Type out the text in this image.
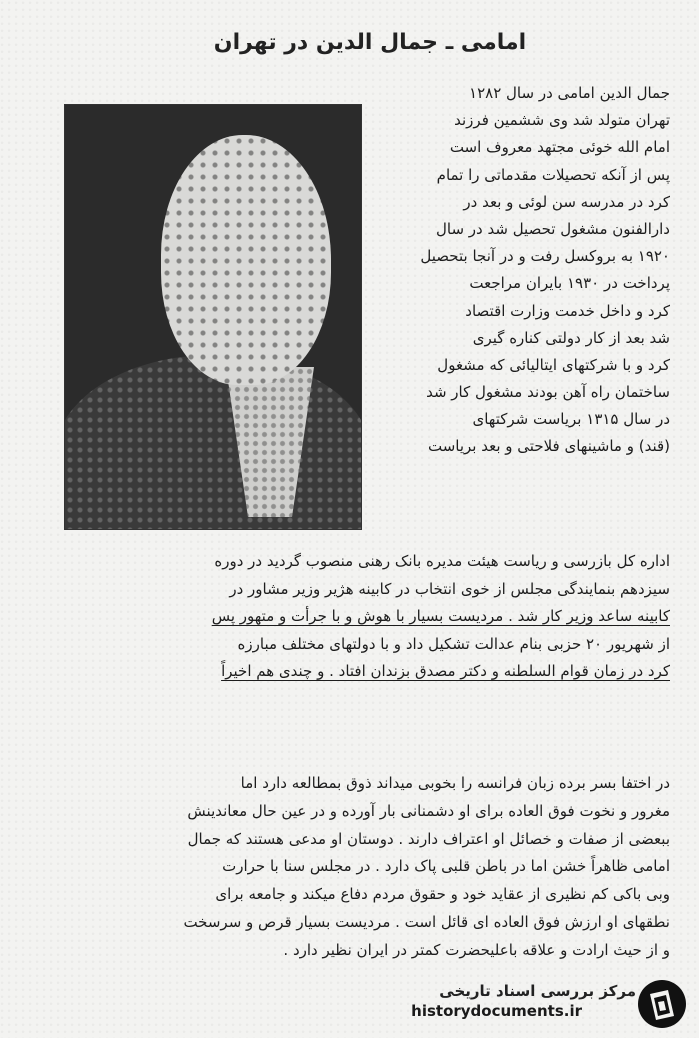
امامی ـ جمال الدین در تهران
جمال الدین امامی در سال ۱۲۸۲
تهران متولد شد وی ششمین فرزند
امام الله خوئی مجتهد معروف است
پس از آنکه تحصیلات مقدماتی را تمام
کرد در مدرسه سن لوئی و بعد در
دارالفنون مشغول تحصیل شد در سال
۱۹۲۰ به بروکسل رفت و در آنجا بتحصیل
پرداخت در ۱۹۳۰ بایران مراجعت
کرد و داخل خدمت وزارت اقتصاد
شد بعد از کار دولتی کناره گیری
کرد و با شرکتهای ایتالیائی که مشغول
ساختمان راه آهن بودند مشغول کار شد
در سال ۱۳۱۵ بریاست شرکتهای
(قند) و ماشینهای فلاحتی و بعد بریاست
اداره کل بازرسی و ریاست هیئت مدیره بانک رهنی منصوب گردید در دوره
سیزدهم بنمایندگی مجلس از خوی انتخاب در کابینه هژیر وزیر مشاور در
کابینه ساعد وزیر کار شد . مردیست بسیار با هوش و با جرأت و متهور پس
از شهریور ۲۰ حزبی بنام عدالت تشکیل داد و با دولتهای مختلف مبارزه
کرد در زمان قوام السلطنه و دکتر مصدق بزندان افتاد . و چندی هم اخیراً
در اختفا بسر برده زبان فرانسه را بخوبی میداند ذوق بمطالعه دارد اما
مغرور و نخوت فوق العاده برای او دشمنانی بار آورده و در عین حال معاندینش
ببعضی از صفات و خصائل او اعتراف دارند . دوستان او مدعی هستند که جمال
امامی ظاهراً خشن اما در باطن قلبی پاک دارد . در مجلس سنا با حرارت
وبی باکی کم نظیری از عقاید خود و حقوق مردم دفاع میکند و جامعه برای
نطقهای او ارزش فوق العاده ای قائل است . مردیست بسیار قرص و سرسخت
و از حیث ارادت و علاقه باعلیحضرت کمتر در ایران نظیر دارد .
مرکز بررسی اسناد تاریخی
historydocuments.ir
